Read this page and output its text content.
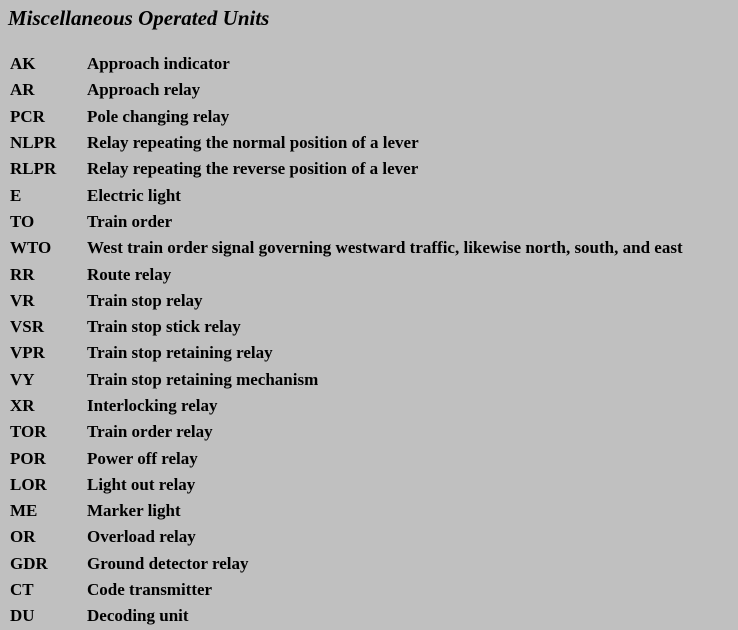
Miscellaneous Operated Units
AK	Approach indicator
AR	Approach relay
PCR	Pole changing relay
NLPR	Relay repeating the normal position of a lever
RLPR	Relay repeating the reverse position of a lever
E	Electric light
TO	Train order
WTO	West train order signal governing westward traffic, likewise north, south, and east
RR	Route relay
VR	Train stop relay
VSR	Train stop stick relay
VPR	Train stop retaining relay
VY	Train stop retaining mechanism
XR	Interlocking relay
TOR	Train order relay
POR	Power off relay
LOR	Light out relay
ME	Marker light
OR	Overload relay
GDR	Ground detector relay
CT	Code transmitter
DU	Decoding unit
